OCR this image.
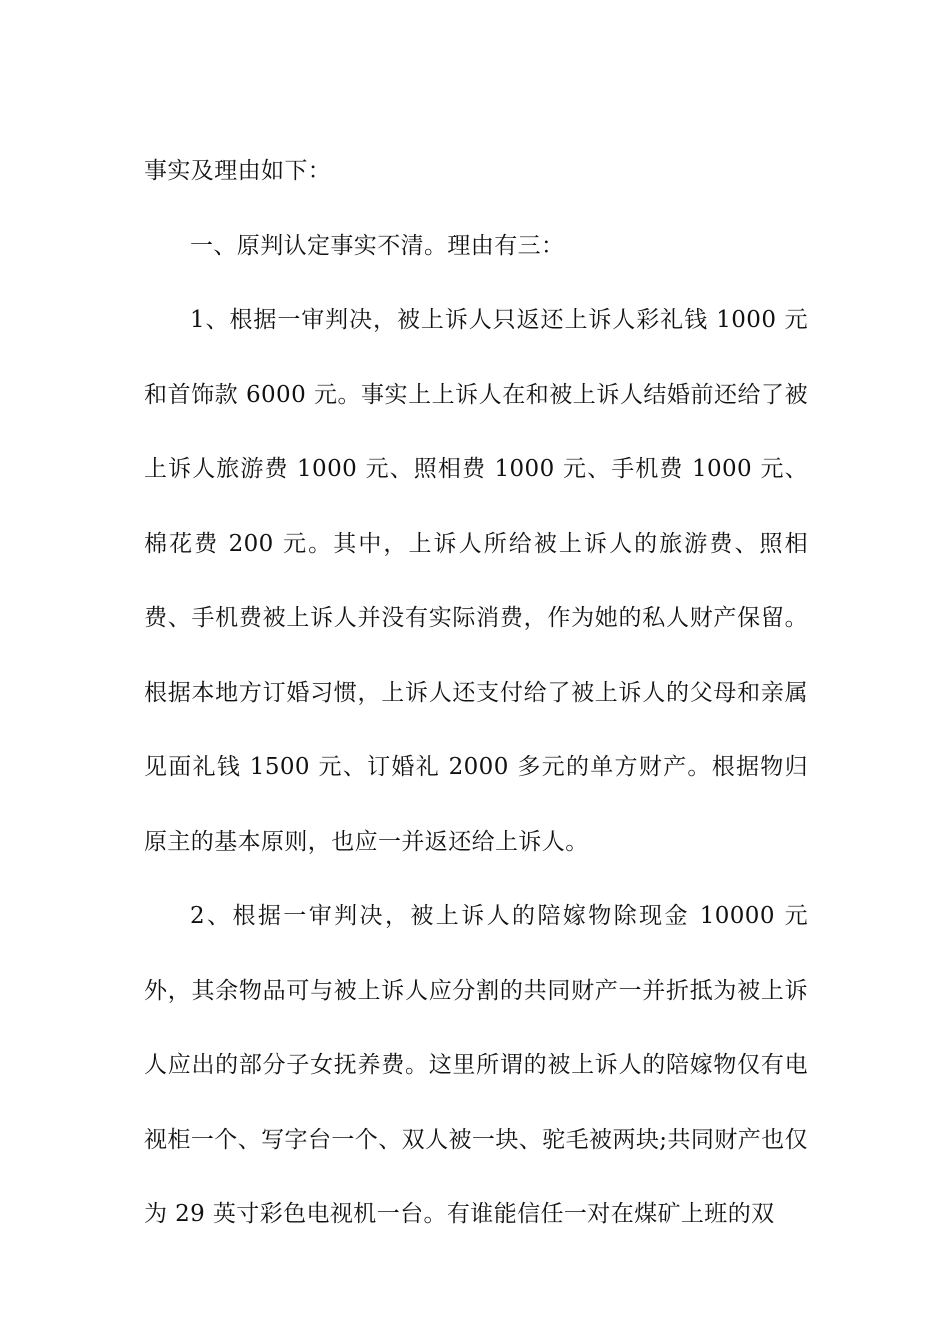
事实及理由如下：

一、原判认定事实不清。理由有三：

1、根据一审判决，被上诉人只返还上诉人彩礼钱 1000 元和首饰款 6000 元。事实上上诉人在和被上诉人结婚前还给了被上诉人旅游费 1000 元、照相费 1000 元、手机费 1000 元、棉花费 200 元。其中，上诉人所给被上诉人的旅游费、照相费、手机费被上诉人并没有实际消费，作为她的私人财产保留。根据本地方订婚习惯，上诉人还支付给了被上诉人的父母和亲属见面礼钱 1500 元、订婚礼 2000 多元的单方财产。根据物归原主的基本原则，也应一并返还给上诉人。

2、根据一审判决，被上诉人的陪嫁物除现金 10000 元外，其余物品可与被上诉人应分割的共同财产一并折抵为被上诉人应出的部分子女抚养费。这里所谓的被上诉人的陪嫁物仅有电视柜一个、写字台一个、双人被一块、驼毛被两块;共同财产也仅为 29 英寸彩色电视机一台。有谁能信任一对在煤矿上班的双
